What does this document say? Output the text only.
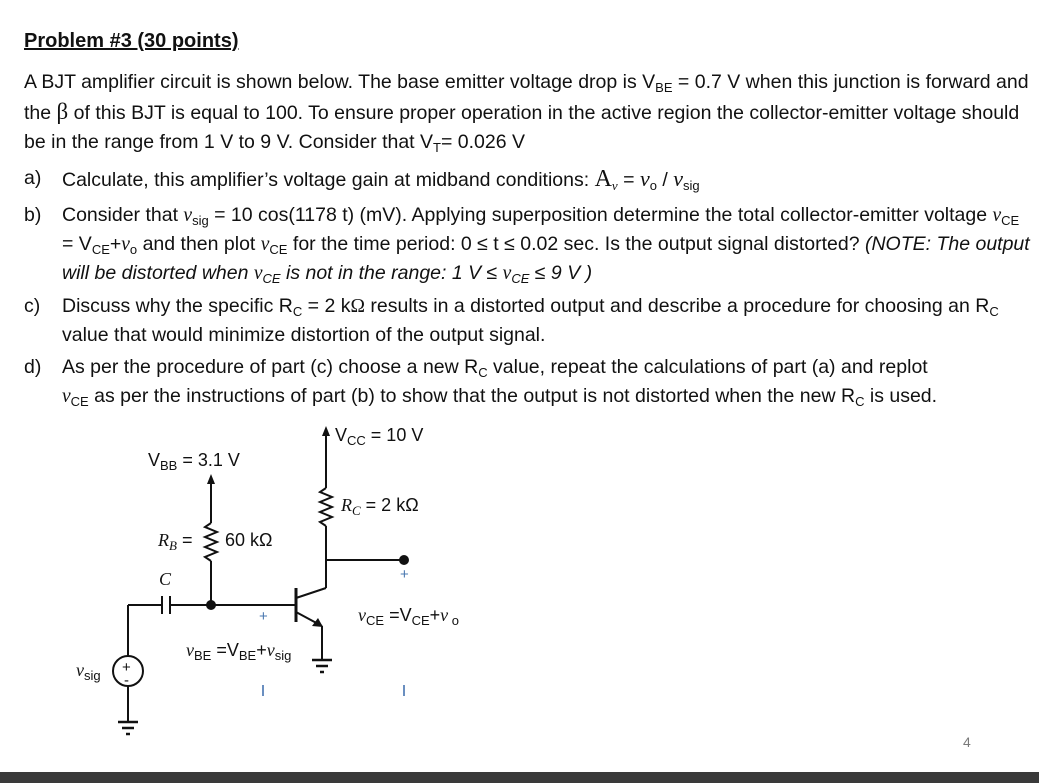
Problem #3 (30 points)
A BJT amplifier circuit is shown below. The base emitter voltage drop is $V_{BE} = 0.7$ V when this junction is forward and the β of this BJT is equal to 100. To ensure proper operation in the active region the collector-emitter voltage should be in the range from 1 V to 9 V. Consider that $V_T= 0.026$ V
a) Calculate, this amplifier’s voltage gain at midband conditions: $A_v = v_o / v_{sig}$
b) Consider that $v_{sig} = 10$ cos(1178 t) (mV). Applying superposition determine the total collector-emitter voltage $v_{CE} = V_{CE}+v_o$ and then plot $v_{CE}$ for the time period: 0 ≤ t ≤ 0.02 sec. Is the output signal distorted? (NOTE: The output will be distorted when $v_{CE}$ is not in the range: 1 $V \le v_{CE} \le 9$ V )
c) Discuss why the specific $R_C = 2$ kΩ results in a distorted output and describe a procedure for choosing an $R_C$ value that would minimize distortion of the output signal.
d) As per the procedure of part (c) choose a new $R_C$ value, repeat the calculations of part (a) and replot
$v_{CE}$ as per the instructions of part (b) to show that the output is not distorted when the new $R_C$ is used.
$V_{CC} = 10$ V
$V_{BB} = 3.1$ V
$R_C = 2$ kΩ
$R_B = 60$ kΩ
C
+
+
+
-
$v_{BE} =V_{BE}+v_{sig}$
$v_{CE} =V_{CE}+v$ $_o$
$v_{sig}$
4
